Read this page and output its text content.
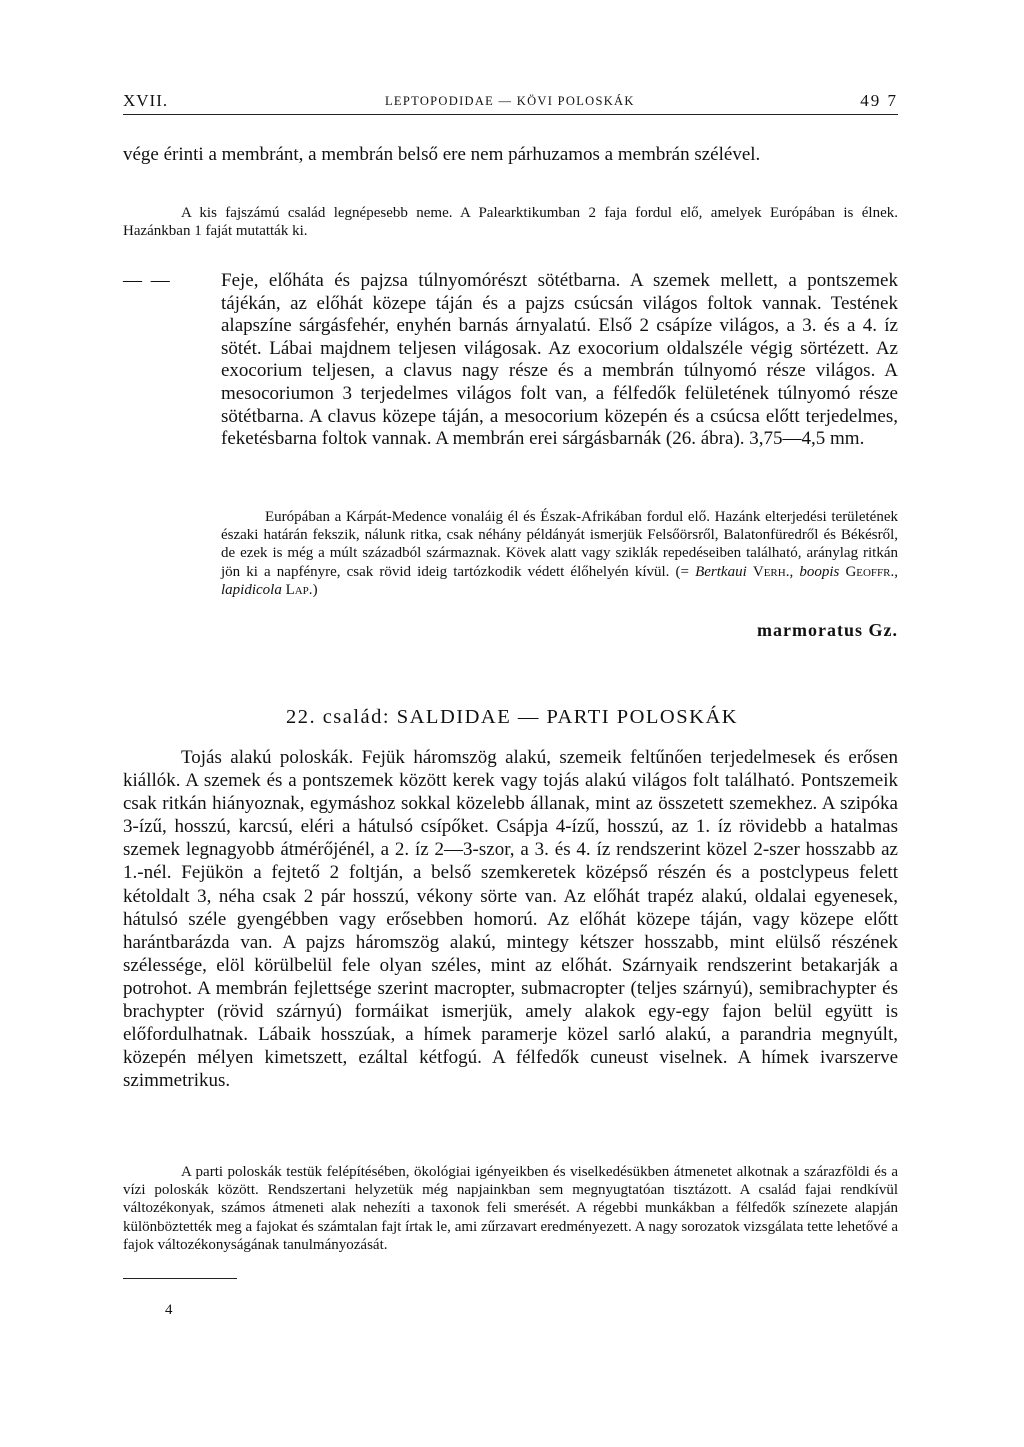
XVII.	LEPTOPODIDAE — KÖVI POLOSKÁK	49 7
vége érinti a membránt, a membrán belső ere nem párhuzamos a membrán szélével.
A kis fajszámú család legnépesebb neme. A Palearktikumban 2 faja fordul elő, amelyek Európában is élnek. Hazánkban 1 faját mutatták ki.
— —	Feje, előháta és pajzsa túlnyomórészt sötétbarna. A szemek mellett, a pontszemek tájékán, az előhát közepe táján és a pajzs csúcsán világos foltok vannak. Testének alapszíne sárgásfehér, enyhén barnás árnyalatú. Első 2 csápíze világos, a 3. és a 4. íz sötét. Lábai majdnem teljesen világosak. Az exocorium oldalszéle végig sörtézett. Az exocorium teljesen, a clavus nagy része és a membrán túlnyomó része világos. A mesocoriumon 3 terjedelmes világos folt van, a félfedők felületének túlnyomó része sötétbarna. A clavus közepe táján, a mesocorium közepén és a csúcsa előtt terjedelmes, feketésbarna foltok vannak. A membrán erei sárgásbarnák (26. ábra). 3,75—4,5 mm.
Európában a Kárpát-Medence vonaláig él és Észak-Afrikában fordul elő. Hazánk elterjedési területének északi határán fekszik, nálunk ritka, csak néhány példányát ismerjük Felsőörsről, Balatonfüredről és Békésről, de ezek is még a múlt századból származnak. Kövek alatt vagy sziklák repedéseiben található, aránylag ritkán jön ki a napfényre, csak rövid ideig tartózkodik védett élőhelyén kívül. (= Bertkaui Verh., boopis Geoffr., lapidicola Lap.)
marmoratus Gz.
22. család: SALDIDAE — PARTI POLOSKÁK
Tojás alakú poloskák. Fejük háromszög alakú, szemeik feltűnően terjedelmesek és erősen kiállók. A szemek és a pontszemek között kerek vagy tojás alakú világos folt található. Pontszemeik csak ritkán hiányoznak, egymáshoz sokkal közelebb állanak, mint az összetett szemekhez. A szipóka 3-ízű, hosszú, karcsú, eléri a hátulsó csípőket. Csápja 4-ízű, hosszú, az 1. íz rövidebb a hatalmas szemek legnagyobb átmérőjénél, a 2. íz 2—3-szor, a 3. és 4. íz rendszerint közel 2-szer hosszabb az 1.-nél. Fejükön a fejtető 2 foltján, a belső szemkeretek középső részén és a postclypeus felett kétoldalt 3, néha csak 2 pár hosszú, vékony sörte van. Az előhát trapéz alakú, oldalai egyenesek, hátulsó széle gyengébben vagy erősebben homorú. Az előhát közepe táján, vagy közepe előtt harántbarázda van. A pajzs háromszög alakú, mintegy kétszer hosszabb, mint elülső részének szélessége, elöl körülbelül fele olyan széles, mint az előhát. Szárnyaik rendszerint betakarják a potrohot. A membrán fejlettsége szerint macropter, submacropter (teljes szárnyú), semibrachypter és brachypter (rövid szárnyú) formáikat ismerjük, amely alakok egy-egy fajon belül együtt is előfordulhatnak. Lábaik hosszúak, a hímek paramerje közel sarló alakú, a parandria megnyúlt, közepén mélyen kimetszett, ezáltal kétfogú. A félfedők cuneust viselnek. A hímek ivarszerve szimmetrikus.
A parti poloskák testük felépítésében, ökológiai igényeikben és viselkedésükben átmenetet alkotnak a szárazföldi és a vízi poloskák között. Rendszertani helyzetük még napjainkban sem megnyugtatóan tisztázott. A család fajai rendkívül változékonyak, számos átmeneti alak nehezíti a taxonok feli smerését. A régebbi munkákban a félfedők színezete alapján különböztették meg a fajokat és számtalan fajt írtak le, ami zűrzavart eredményezett. A nagy sorozatok vizsgálata tette lehetővé a fajok változékonyságának tanulmányozását.
4
